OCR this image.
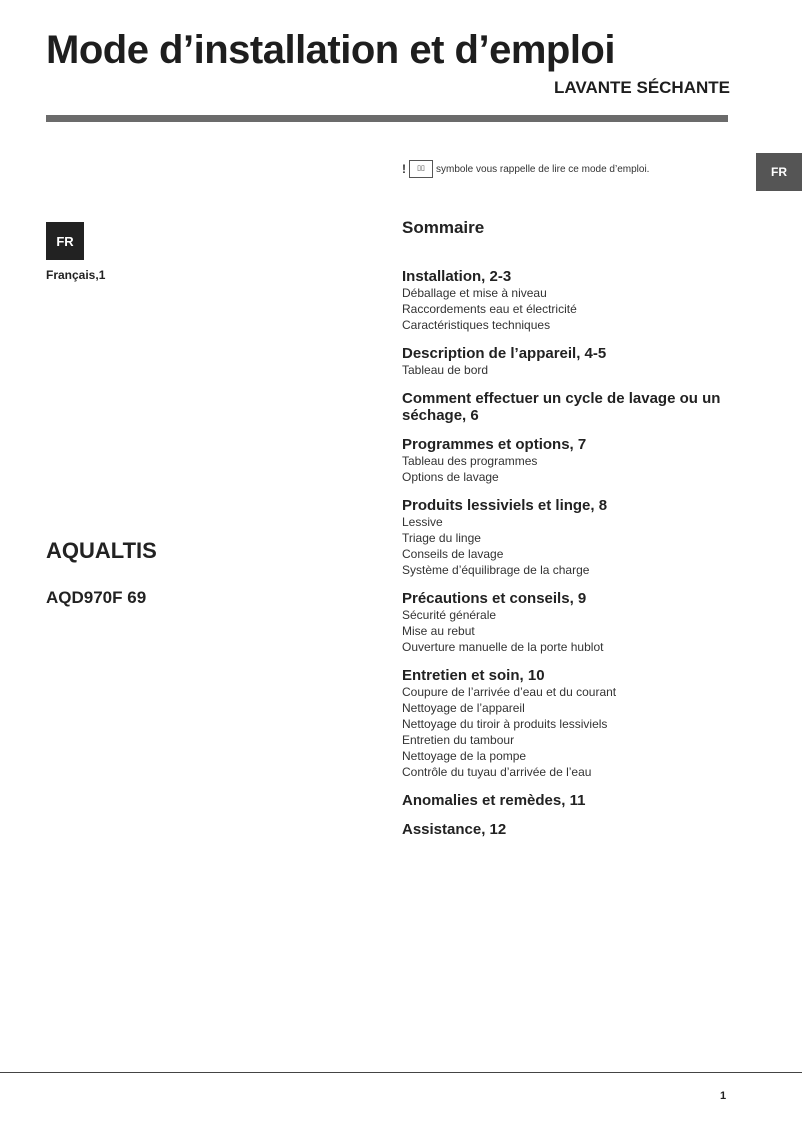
Mode d’installation et d’emploi
LAVANTE SÉCHANTE
!	▯▯	symbole vous rappelle de lire ce mode d’emploi.	FR
FR
Français,1
AQUALTIS
AQD970F 69
Sommaire
Installation, 2-3
Déballage et mise à niveau
Raccordements eau et électricité
Caractéristiques techniques
Description de l’appareil, 4-5
Tableau de bord
Comment effectuer un cycle de lavage ou un séchage, 6
Programmes et options, 7
Tableau des programmes
Options de lavage
Produits lessiviels et linge, 8
Lessive
Triage du linge
Conseils de lavage
Système d’équilibrage de la charge
Précautions et conseils, 9
Sécurité générale
Mise au rebut
Ouverture manuelle de la porte hublot
Entretien et soin, 10
Coupure de l’arrivée d’eau et du courant
Nettoyage de l’appareil
Nettoyage du tiroir à produits lessiviels
Entretien du tambour
Nettoyage de la pompe
Contrôle du tuyau d’arrivée de l’eau
Anomalies et remèdes, 11
Assistance, 12
1
